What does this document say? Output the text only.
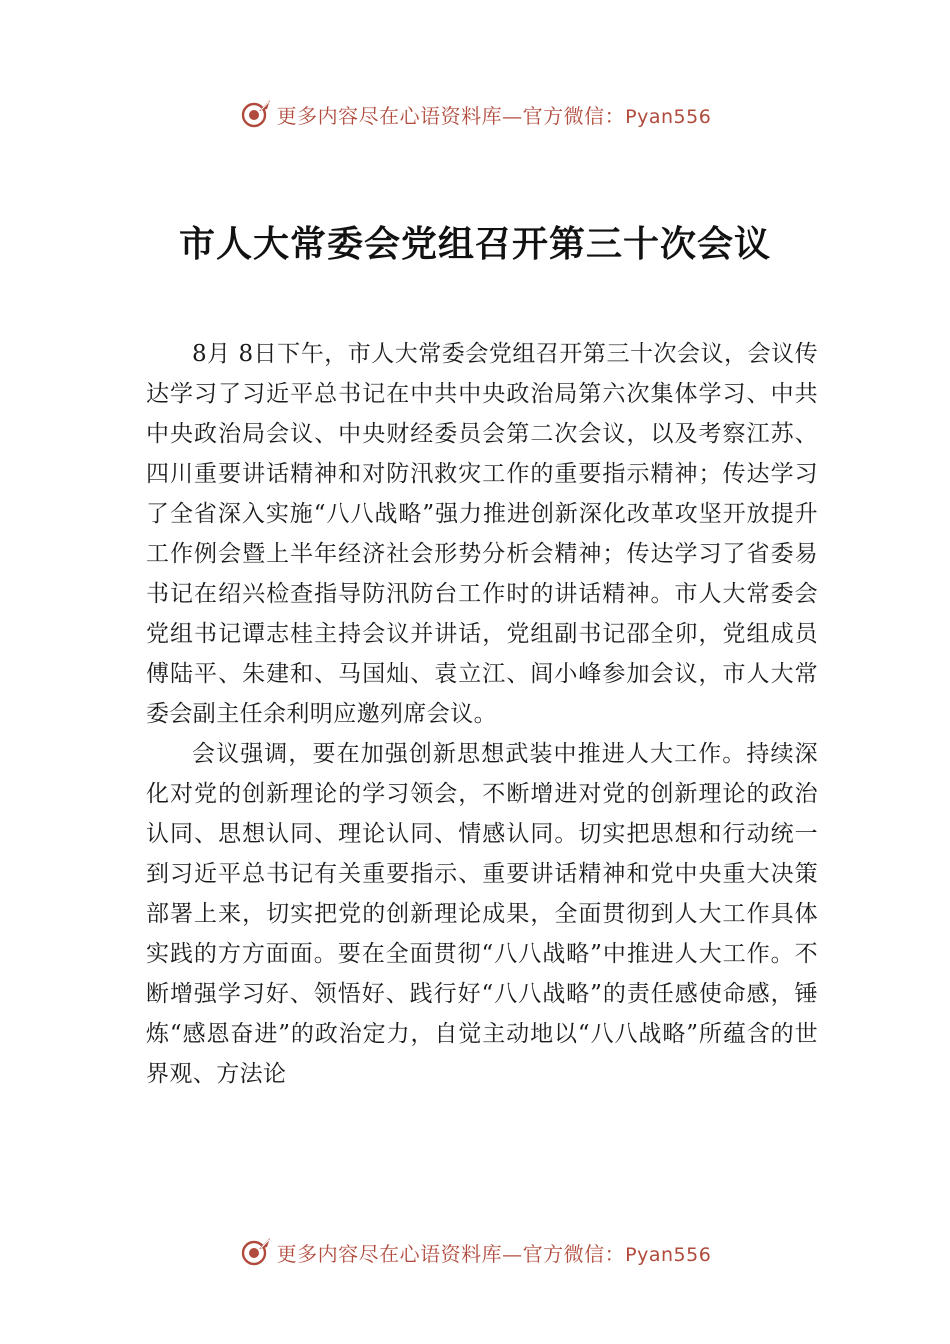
更多内容尽在心语资料库—官方微信：Pyan556
市人大常委会党组召开第三十次会议

8月 8日下午，市人大常委会党组召开第三十次会议，会议传达学习了习近平总书记在中共中央政治局第六次集体学习、中共中央政治局会议、中央财经委员会第二次会议，以及考察江苏、四川重要讲话精神和对防汛救灾工作的重要指示精神；传达学习了全省深入实施“八八战略”强力推进创新深化改革攻坚开放提升工作例会暨上半年经济社会形势分析会精神；传达学习了省委易书记在绍兴检查指导防汛防台工作时的讲话精神。市人大常委会党组书记谭志桂主持会议并讲话，党组副书记邵全卯，党组成员傅陆平、朱建和、马国灿、袁立江、闾小峰参加会议，市人大常委会副主任余利明应邀列席会议。

会议强调，要在加强创新思想武装中推进人大工作。持续深化对党的创新理论的学习领会，不断增进对党的创新理论的政治认同、思想认同、理论认同、情感认同。切实把思想和行动统一到习近平总书记有关重要指示、重要讲话精神和党中央重大决策部署上来，切实把党的创新理论成果，全面贯彻到人大工作具体实践的方方面面。要在全面贯彻“八八战略”中推进人大工作。不断增强学习好、领悟好、践行好“八八战略”的责任感使命感，锤炼“感恩奋进”的政治定力，自觉主动地以“八八战略”所蕴含的世界观、方法论

更多内容尽在心语资料库—官方微信：Pyan556
